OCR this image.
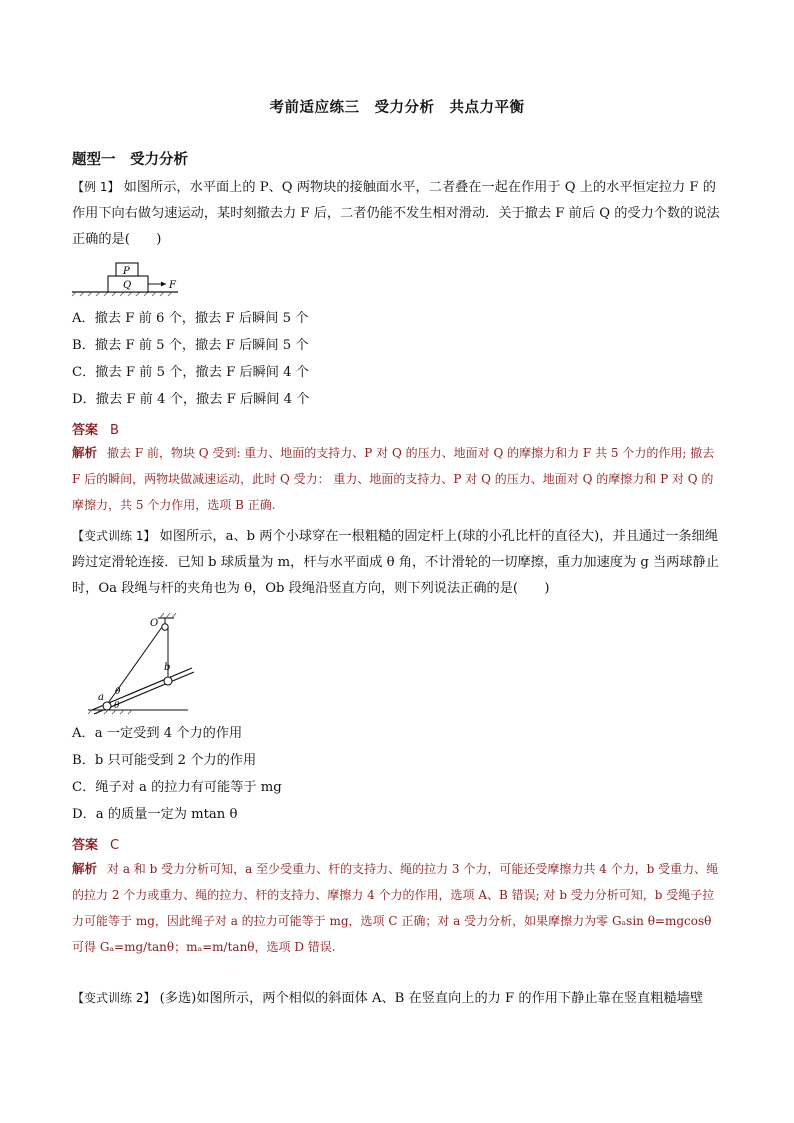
考前适应练三　受力分析　共点力平衡
题型一　受力分析
【例 1】 如图所示，水平面上的 P、Q 两物块的接触面水平，二者叠在一起在作用于 Q 上的水平恒定拉力 F 的作用下向右做匀速运动，某时刻撤去力 F 后，二者仍能不发生相对滑动．关于撤去 F 前后 Q 的受力个数的说法正确的是(　　)
P
Q	F
A．撤去 F 前 6 个，撤去 F 后瞬间 5 个
B．撤去 F 前 5 个，撤去 F 后瞬间 5 个
C．撤去 F 前 5 个，撤去 F 后瞬间 4 个
D．撤去 F 前 4 个，撤去 F 后瞬间 4 个
答案 B
解析 撤去 F 前，物块 Q 受到: 重力、地面的支持力、P 对 Q 的压力、地面对 Q 的摩擦力和力 F 共 5 个力的作用; 撤去 F 后的瞬间，两物块做减速运动，此时 Q 受力： 重力、地面的支持力、P 对 Q 的压力、地面对 Q 的摩擦力和 P 对 Q 的摩擦力，共 5 个力作用，选项 B 正确.
【变式训练 1】 如图所示，a、b 两个小球穿在一根粗糙的固定杆上(球的小孔比杆的直径大)，并且通过一条细绳跨过定滑轮连接．已知 b 球质量为 m，杆与水平面成 θ 角，不计滑轮的一切摩擦，重力加速度为 g 当两球静止时，Oa 段绳与杆的夹角也为 θ，Ob 段绳沿竖直方向，则下列说法正确的是(　　)
O
b
a θ
θ
A．a 一定受到 4 个力的作用
B．b 只可能受到 2 个力的作用
C．绳子对 a 的拉力有可能等于 mg
D．a 的质量一定为 mtan θ
答案 C
解析 对 a 和 b 受力分析可知，a 至少受重力、杆的支持力、绳的拉力 3 个力，可能还受摩擦力共 4 个力，b 受重力、绳的拉力 2 个力或重力、绳的拉力、杆的支持力、摩擦力 4 个力的作用，选项 A、B 错误; 对 b 受力分析可知，b 受绳子拉力可能等于 mg，因此绳子对 a 的拉力可能等于 mg，选项 C 正确；对 a 受力分析，如果摩擦力为零 Gₐsin θ=mgcosθ 可得 Gₐ=mg/tanθ；mₐ=m/tanθ，选项 D 错误.
【变式训练 2】 (多选)如图所示，两个相似的斜面体 A、B 在竖直向上的力 F 的作用下静止靠在竖直粗糙墙壁
